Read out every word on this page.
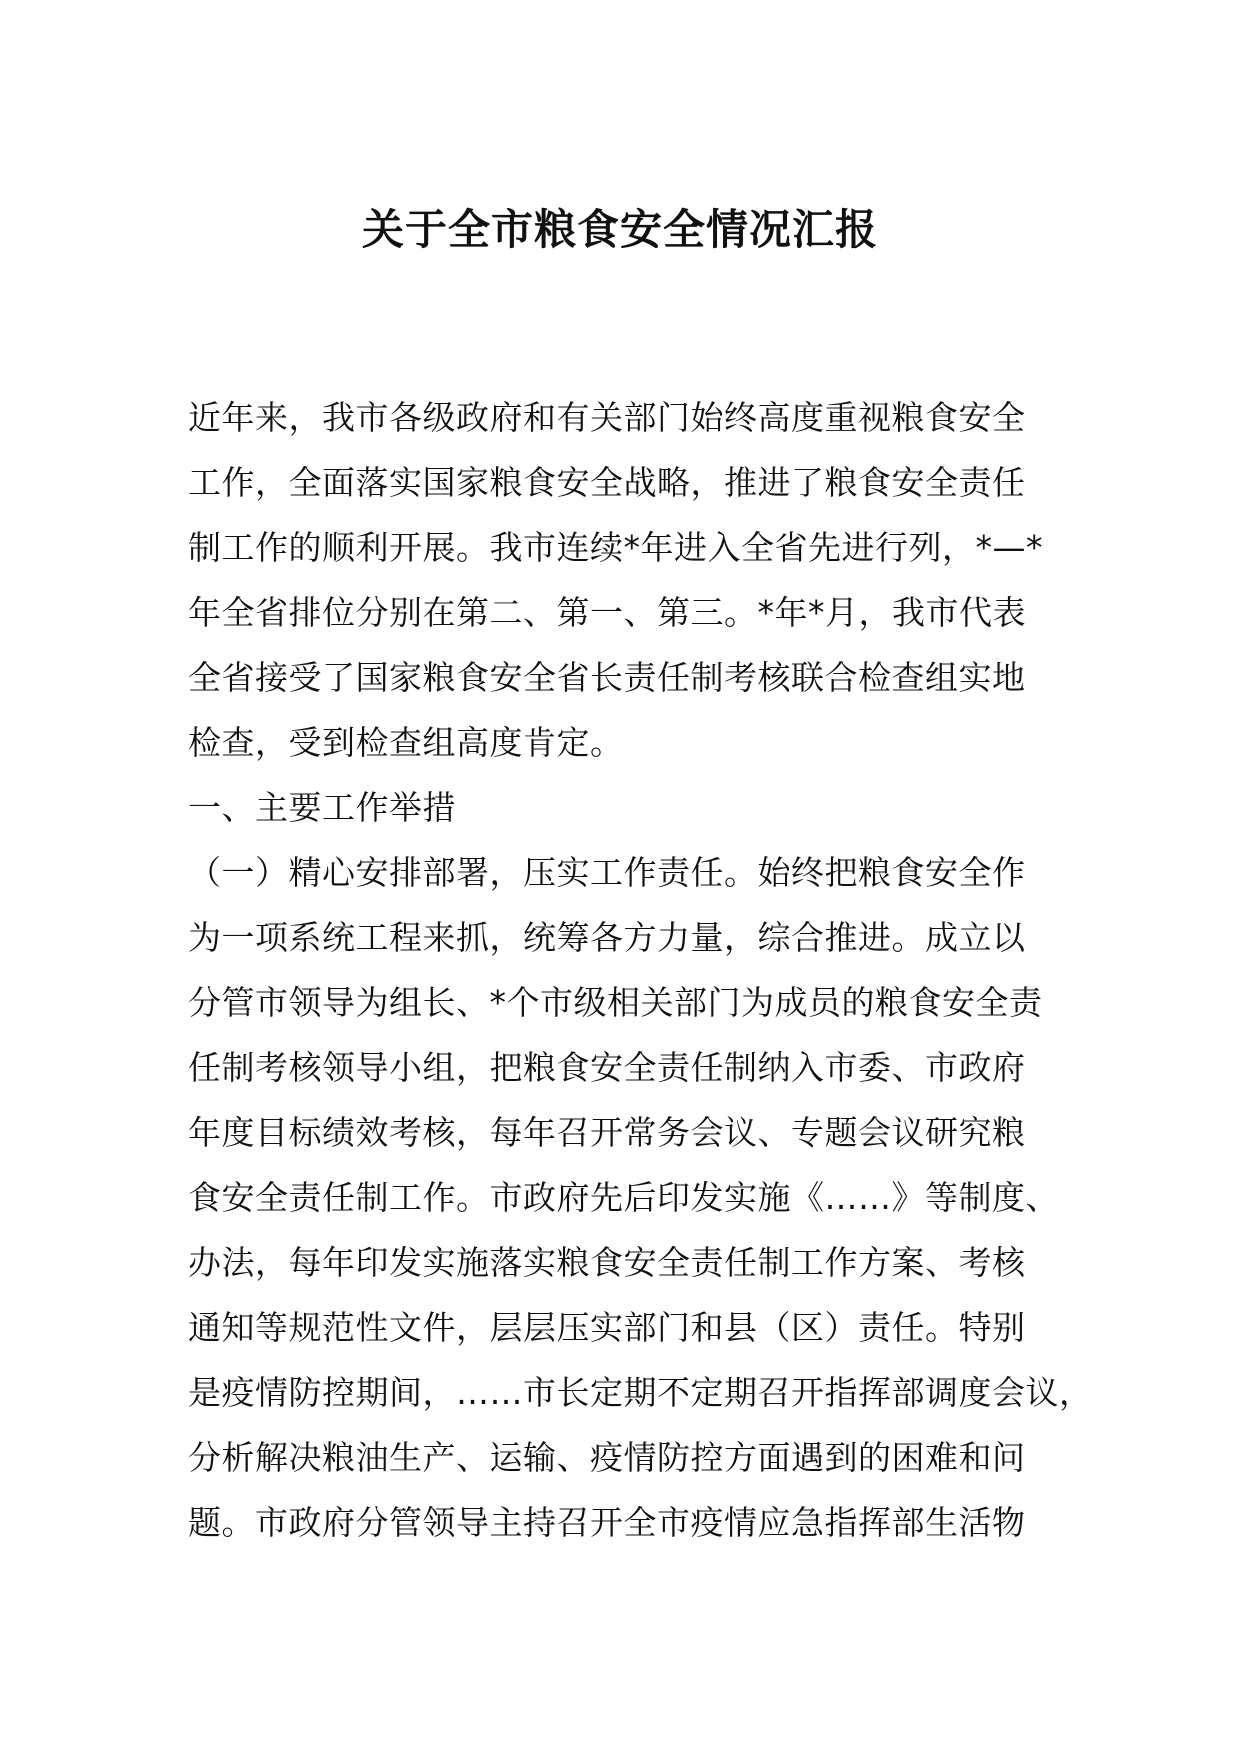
关于全市粮食安全情况汇报
近年来，我市各级政府和有关部门始终高度重视粮食安全
工作，全面落实国家粮食安全战略，推进了粮食安全责任
制工作的顺利开展。我市连续*年进入全省先进行列，*—*
年全省排位分别在第二、第一、第三。*年*月，我市代表
全省接受了国家粮食安全省长责任制考核联合检查组实地
检查，受到检查组高度肯定。
一、主要工作举措
（一）精心安排部署，压实工作责任。始终把粮食安全作
为一项系统工程来抓，统筹各方力量，综合推进。成立以
分管市领导为组长、*个市级相关部门为成员的粮食安全责
任制考核领导小组，把粮食安全责任制纳入市委、市政府
年度目标绩效考核，每年召开常务会议、专题会议研究粮
食安全责任制工作。市政府先后印发实施《……》等制度、
办法，每年印发实施落实粮食安全责任制工作方案、考核
通知等规范性文件，层层压实部门和县（区）责任。特别
是疫情防控期间，……市长定期不定期召开指挥部调度会议，
分析解决粮油生产、运输、疫情防控方面遇到的困难和问
题。市政府分管领导主持召开全市疫情应急指挥部生活物
